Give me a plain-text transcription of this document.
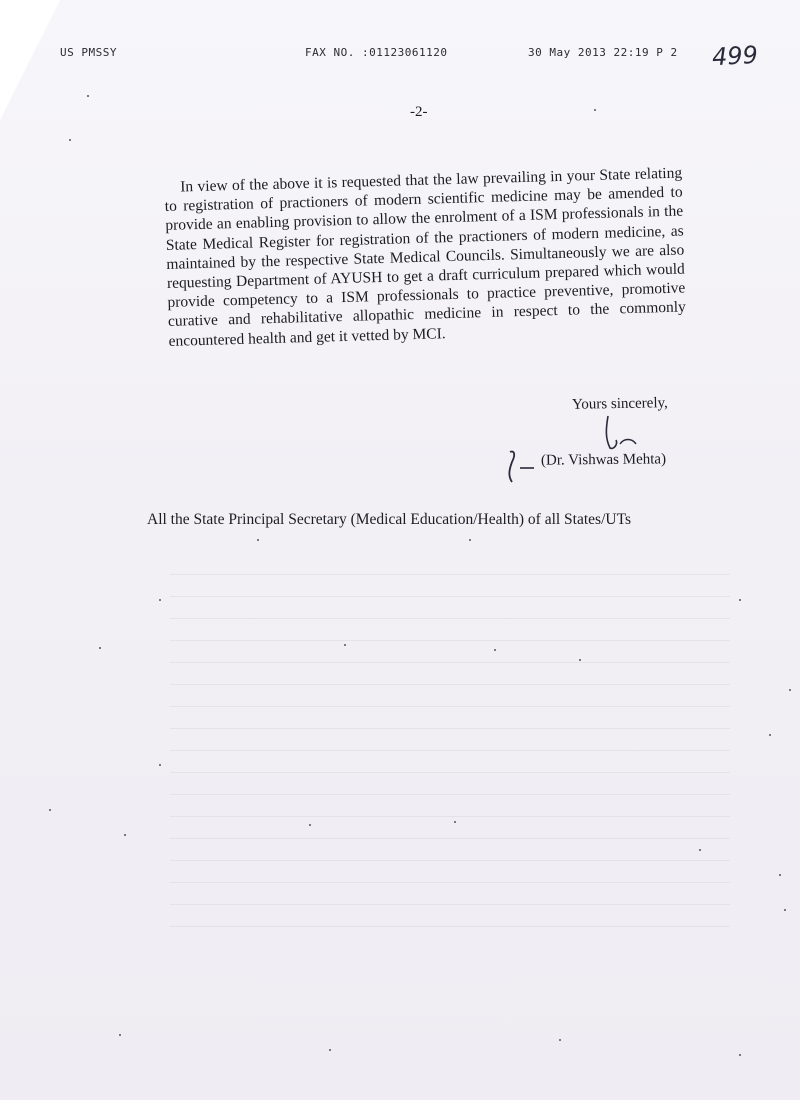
US PMSSY	FAX NO. :01123061120	30 May 2013 22:19 P 2 499
-2-

In view of the above it is requested that the law prevailing in your State relating to registration of practioners of modern scientific medicine may be amended to provide an enabling provision to allow the enrolment of a ISM professionals in the State Medical Register for registration of the practioners of modern medicine, as maintained by the respective State Medical Councils. Simultaneously we are also requesting Department of AYUSH to get a draft curriculum prepared which would provide competency to a ISM professionals to practice preventive, promotive curative and rehabilitative allopathic medicine in respect to the commonly encountered health and get it vetted by MCI.

Yours sincerely,
(Dr. Vishwas Mehta)
All the State Principal Secretary (Medical Education/Health) of all States/UTs
